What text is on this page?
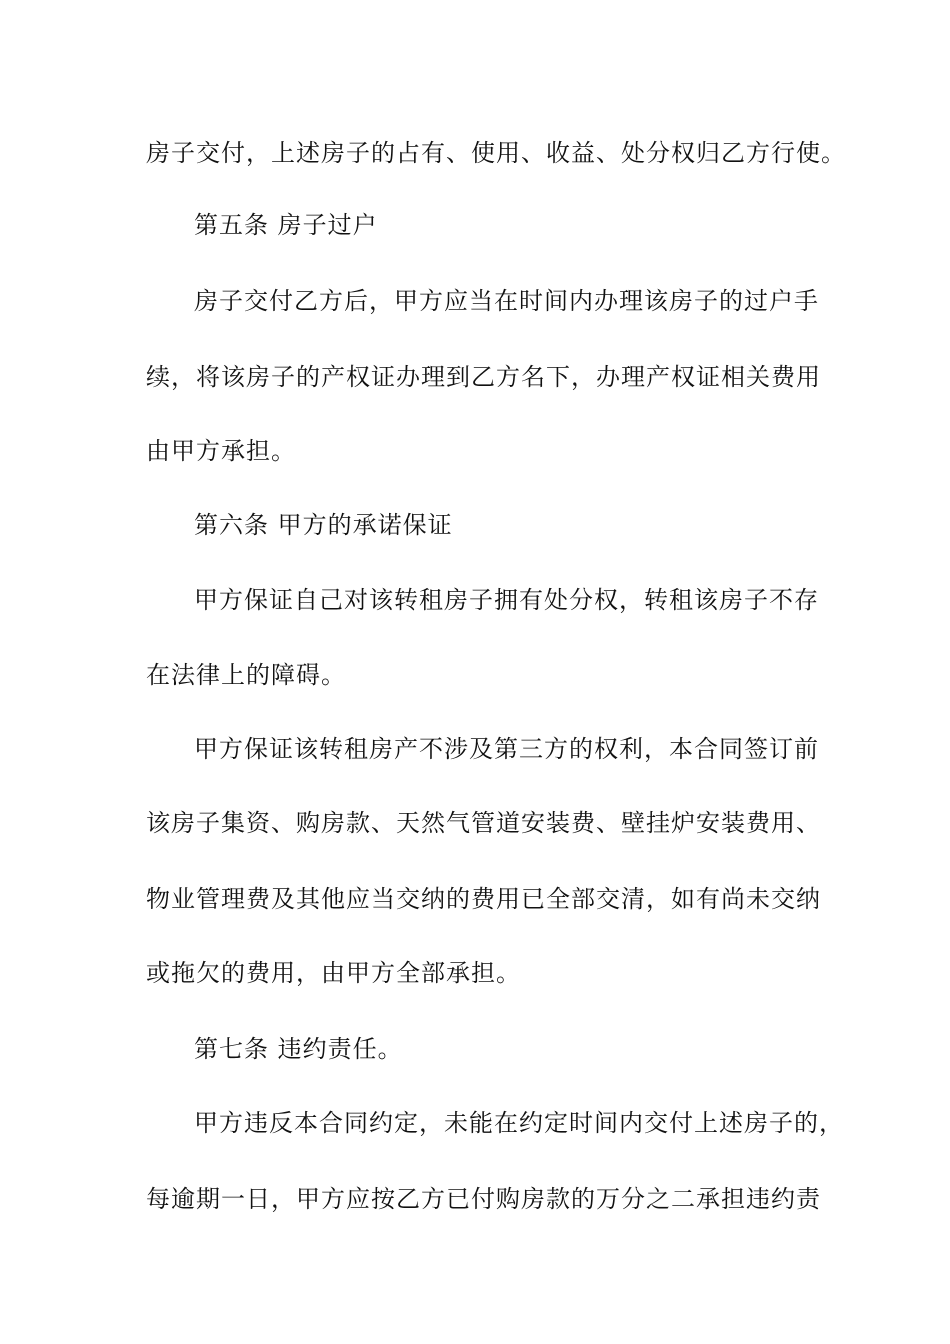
房子交付，上述房子的占有、使用、收益、处分权归乙方行使。
第五条 房子过户
房子交付乙方后，甲方应当在时间内办理该房子的过户手
续，将该房子的产权证办理到乙方名下，办理产权证相关费用
由甲方承担。
第六条 甲方的承诺保证
甲方保证自己对该转租房子拥有处分权，转租该房子不存
在法律上的障碍。
甲方保证该转租房产不涉及第三方的权利，本合同签订前
该房子集资、购房款、天然气管道安装费、壁挂炉安装费用、
物业管理费及其他应当交纳的费用已全部交清，如有尚未交纳
或拖欠的费用，由甲方全部承担。
第七条 违约责任。
甲方违反本合同约定，未能在约定时间内交付上述房子的，
每逾期一日，甲方应按乙方已付购房款的万分之二承担违约责
